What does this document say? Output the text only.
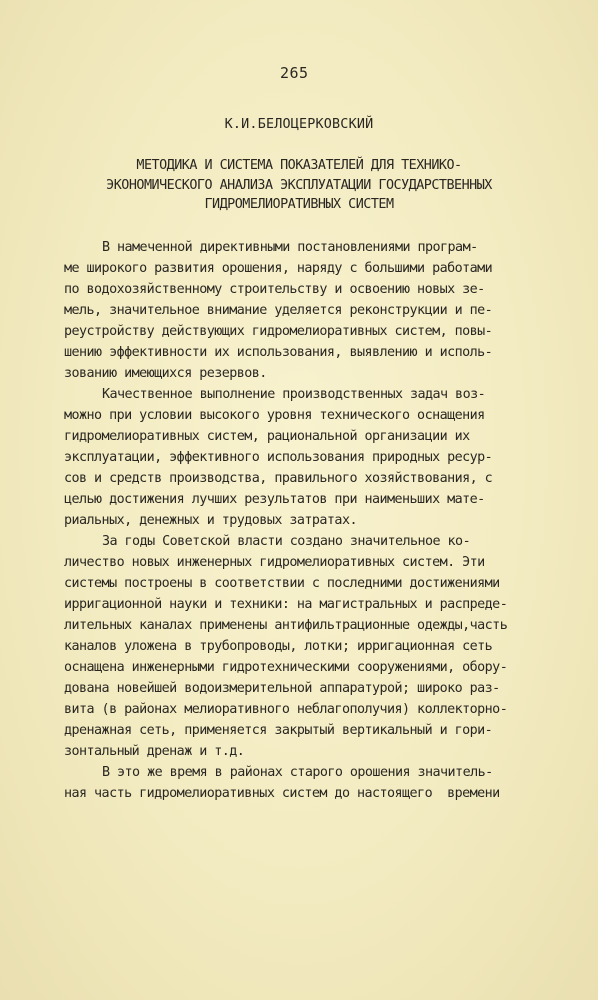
265
К.И.БЕЛОЦЕРКОВСКИЙ
МЕТОДИКА И СИСТЕМА ПОКАЗАТЕЛЕЙ ДЛЯ ТЕХНИКО-
ЭКОНОМИЧЕСКОГО АНАЛИЗА ЭКСПЛУАТАЦИИ ГОСУДАРСТВЕННЫХ
ГИДРОМЕЛИОРАТИВНЫХ СИСТЕМ
В намеченной директивными постановлениями програм-
ме широкого развития орошения, наряду с большими работами
по водохозяйственному строительству и освоению новых зе-
мель, значительное внимание уделяется реконструкции и пе-
реустройству действующих гидромелиоративных систем, повы-
шению эффективности их использования, выявлению и исполь-
зованию имеющихся резервов.
Качественное выполнение производственных задач воз-
можно при условии высокого уровня технического оснащения
гидромелиоративных систем, рациональной организации их
эксплуатации, эффективного использования природных ресур-
сов и средств производства, правильного хозяйствования, с
целью достижения лучших результатов при наименьших мате-
риальных, денежных и трудовых затратах.
За годы Советской власти создано значительное ко-
личество новых инженерных гидромелиоративных систем. Эти
системы построены в соответствии с последними достижениями
ирригационной науки и техники: на магистральных и распреде-
лительных каналах применены антифильтрационные одежды,часть
каналов уложена в трубопроводы, лотки; ирригационная сеть
оснащена инженерными гидротехническими сооружениями, обору-
дована новейшей водоизмерительной аппаратурой; широко раз-
вита (в районах мелиоративного неблагополучия) коллекторно-
дренажная сеть, применяется закрытый вертикальный и гори-
зонтальный дренаж и т.д.
В это же время в районах старого орошения значитель-
ная часть гидромелиоративных систем до настоящего  времени
